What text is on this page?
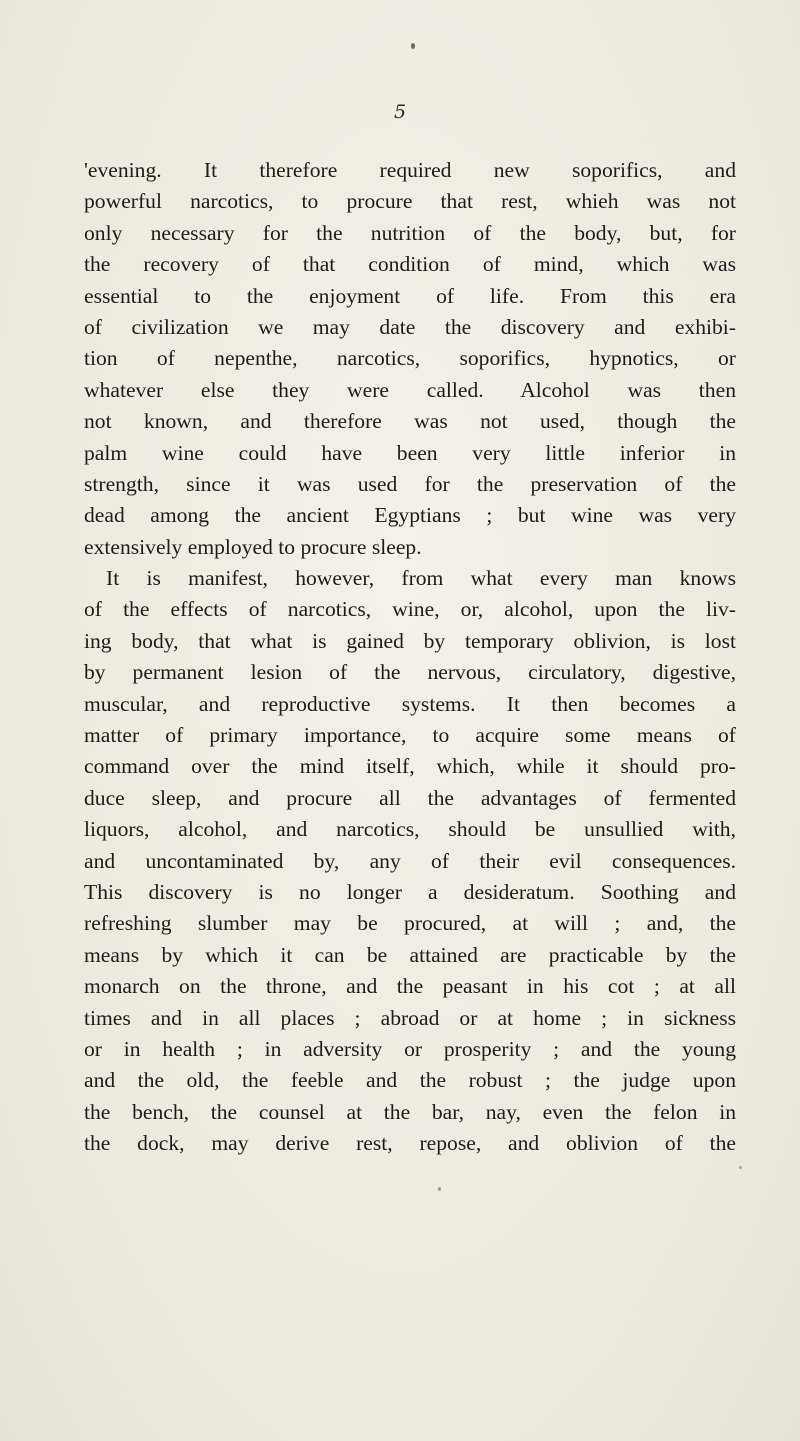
5
'evening. It therefore required new soporifics, and
powerful narcotics, to procure that rest, whieh was not
only necessary for the nutrition of the body, but, for
the recovery of that condition of mind, which was
essential to the enjoyment of life. From this era
of civilization we may date the discovery and exhibi-
tion of nepenthe, narcotics, soporifics, hypnotics, or
whatever else they were called. Alcohol was then
not known, and therefore was not used, though the
palm wine could have been very little inferior in
strength, since it was used for the preservation of the
dead among the ancient Egyptians ; but wine was very
extensively employed to procure sleep.
It is manifest, however, from what every man knows
of the effects of narcotics, wine, or, alcohol, upon the liv-
ing body, that what is gained by temporary oblivion, is lost
by permanent lesion of the nervous, circulatory, digestive,
muscular, and reproductive systems. It then becomes a
matter of primary importance, to acquire some means of
command over the mind itself, which, while it should pro-
duce sleep, and procure all the advantages of fermented
liquors, alcohol, and narcotics, should be unsullied with,
and uncontaminated by, any of their evil consequences.
This discovery is no longer a desideratum. Soothing and
refreshing slumber may be procured, at will ; and, the
means by which it can be attained are practicable by the
monarch on the throne, and the peasant in his cot ; at all
times and in all places ; abroad or at home ; in sickness
or in health ; in adversity or prosperity ; and the young
and the old, the feeble and the robust ; the judge upon
the bench, the counsel at the bar, nay, even the felon in
the dock, may derive rest, repose, and oblivion of the
